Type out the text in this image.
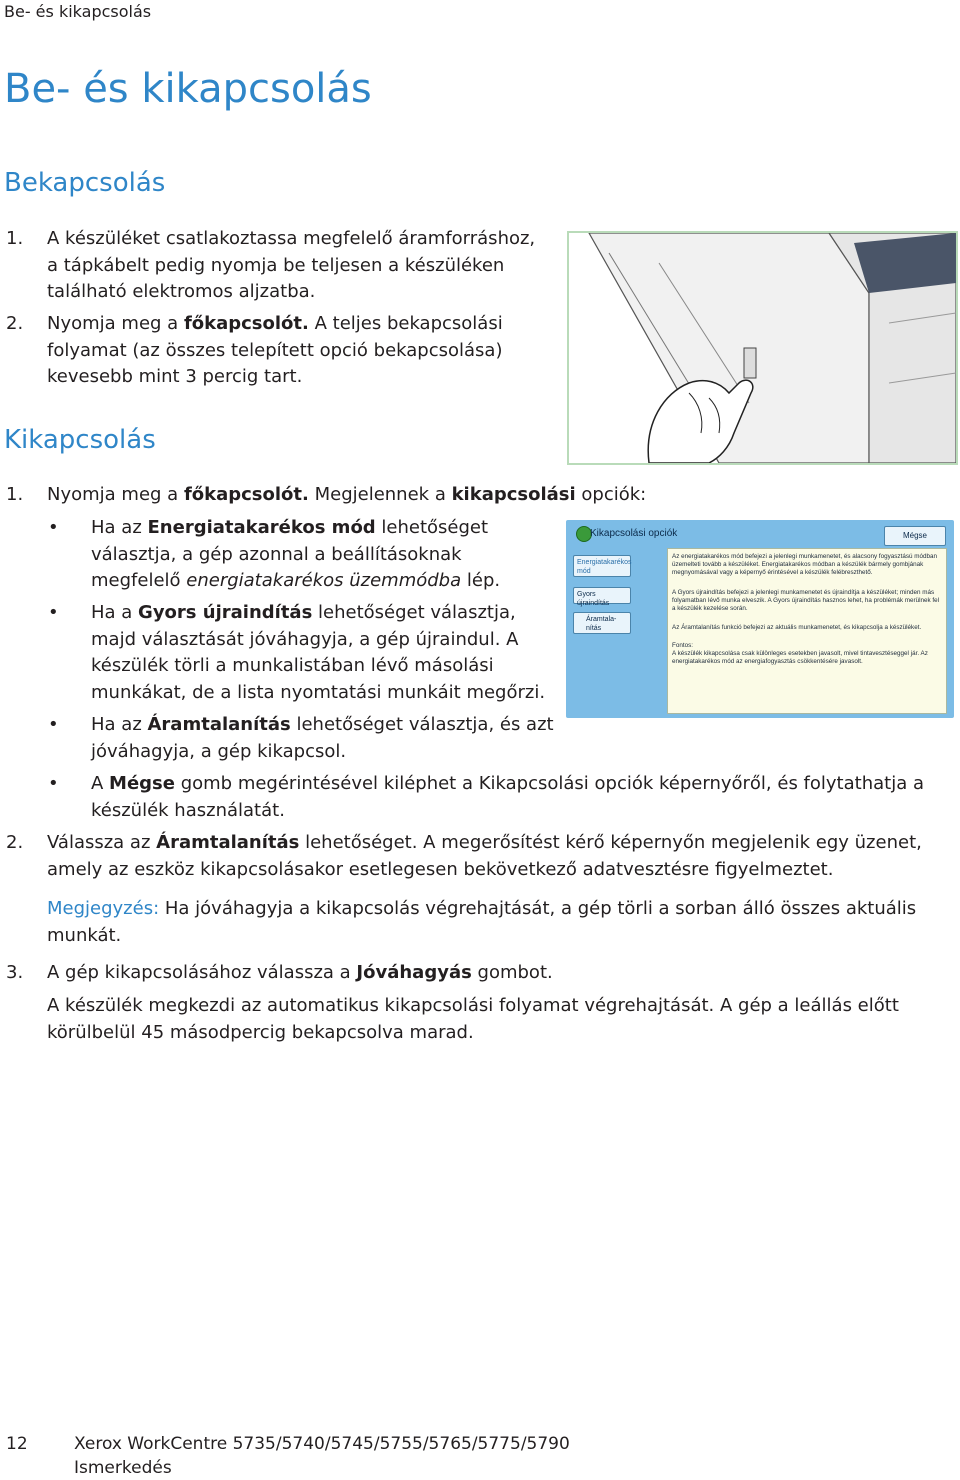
Be- és kikapcsolás
Be- és kikapcsolás
Bekapcsolás
1. A készüléket csatlakoztassa megfelelő áramforráshoz,
a tápkábelt pedig nyomja be teljesen a készüléken
található elektromos aljzatba.
2. Nyomja meg a főkapcsolót. A teljes bekapcsolási
folyamat (az összes telepített opció bekapcsolása)
kevesebb mint 3 percig tart.
Kikapcsolás
1. Nyomja meg a főkapcsolót. Megjelennek a kikapcsolási opciók:
• Ha az Energiatakarékos mód lehetőséget
választja, a gép azonnal a beállításoknak
megfelelő energiatakarékos üzemmódba lép.
• Ha a Gyors újraindítás lehetőséget választja,
majd választását jóváhagyja, a gép újraindul. A
készülék törli a munkalistában lévő másolási
munkákat, de a lista nyomtatási munkáit megőrzi.
• Ha az Áramtalanítás lehetőséget választja, és azt
jóváhagyja, a gép kikapcsol.
• A Mégse gomb megérintésével kiléphet a Kikapcsolási opciók képernyőről, és folytathatja a
készülék használatát.
Kikapcsolási opciók	Mégse
Energiatakarékos mód
Gyors újraindítás
Áramtala-
nítás
Az energiatakarékos mód befejezi a jelenlegi munkamenetet, és alacsony fogyasztású módban üzemelteti tovább a készüléket. Energiatakarékos módban a készülék bármely gombjának megnyomásával vagy a képernyő érintésével a készülék felébreszthető.
A Gyors újraindítás befejezi a jelenlegi munkamenetet és újraindítja a készüléket; minden más folyamatban lévő munka elveszik. A Gyors újraindítás hasznos lehet, ha problémák merülnek fel a készülék kezelése során.
Az Áramtalanítás funkció befejezi az aktuális munkamenetet, és kikapcsolja a készüléket.
Fontos:
A készülék kikapcsolása csak különleges esetekben javasolt, mivel tintavesztéseggel jár. Az energiatakarékos mód az energiafogyasztás csökkentésére javasolt.
2. Válassza az Áramtalanítás lehetőséget. A megerősítést kérő képernyőn megjelenik egy üzenet,
amely az eszköz kikapcsolásakor esetlegesen bekövetkező adatvesztésre figyelmeztet.
Megjegyzés: Ha jóváhagyja a kikapcsolás végrehajtását, a gép törli a sorban álló összes aktuális
munkát.
3. A gép kikapcsolásához válassza a Jóváhagyás gombot.
A készülék megkezdi az automatikus kikapcsolási folyamat végrehajtását. A gép a leállás előtt
körülbelül 45 másodpercig bekapcsolva marad.
12	Xerox WorkCentre 5735/5740/5745/5755/5765/5775/5790
Ismerkedés
